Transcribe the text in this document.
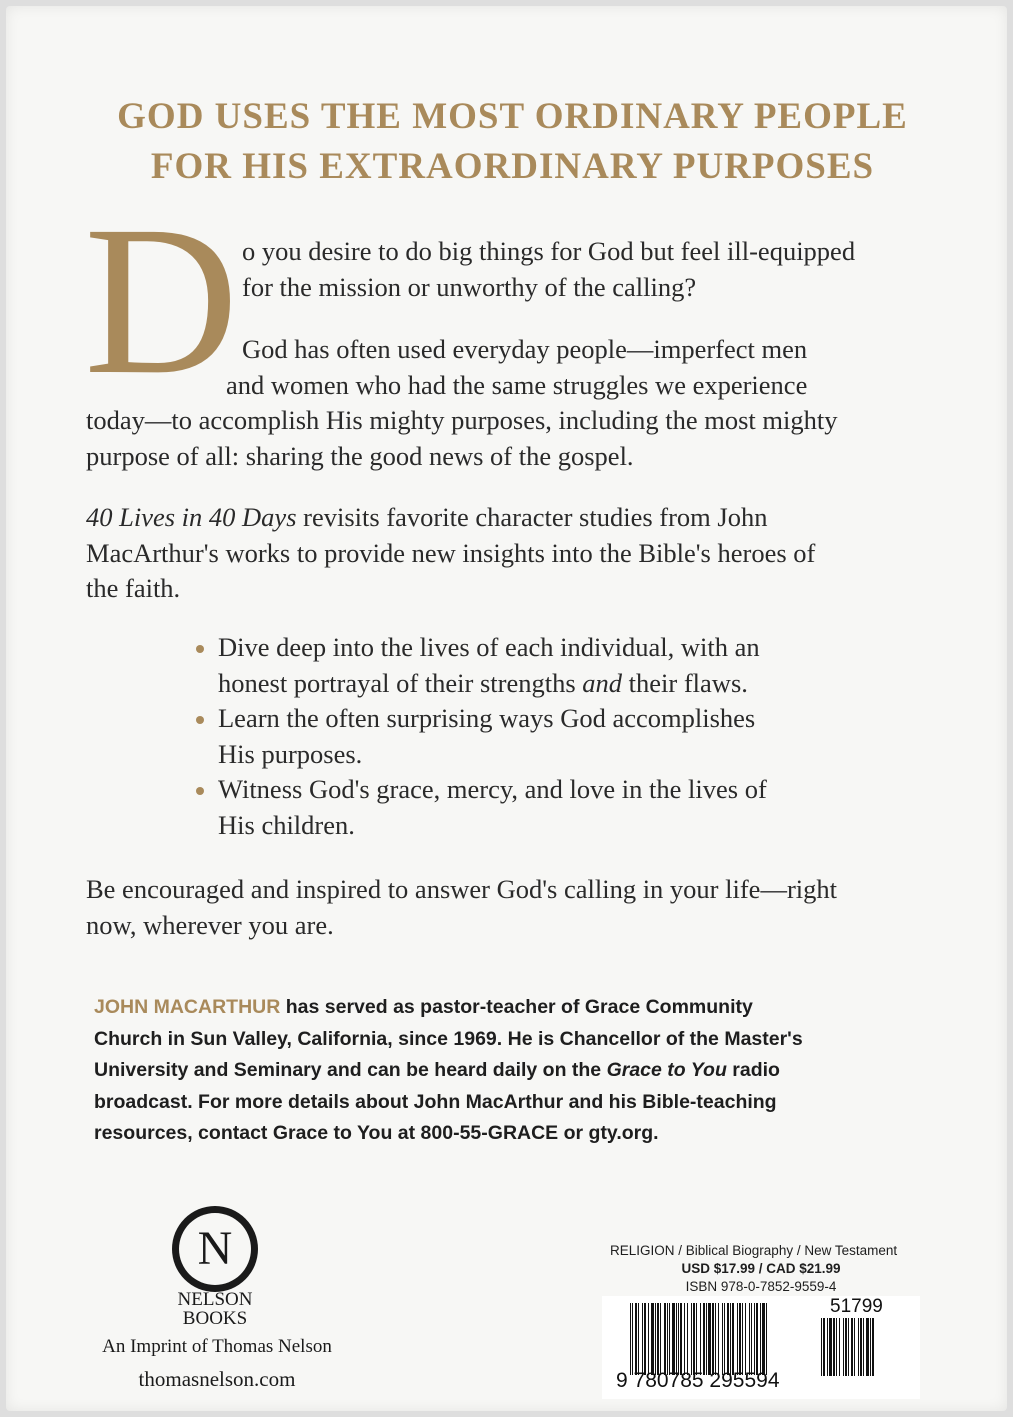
GOD USES THE MOST ORDINARY PEOPLE
FOR HIS EXTRAORDINARY PURPOSES
D o you desire to do big things for God but feel ill-equipped
for the mission or unworthy of the calling?
God has often used everyday people—imperfect men
and women who had the same struggles we experience
today—to accomplish His mighty purposes, including the most mighty
purpose of all: sharing the good news of the gospel.
40 Lives in 40 Days revisits favorite character studies from John
MacArthur's works to provide new insights into the Bible's heroes of
the faith.
Dive deep into the lives of each individual, with an
honest portrayal of their strengths and their flaws.
Learn the often surprising ways God accomplishes
His purposes.
Witness God's grace, mercy, and love in the lives of
His children.
Be encouraged and inspired to answer God's calling in your life—right
now, wherever you are.
JOHN MACARTHUR has served as pastor-teacher of Grace Community
Church in Sun Valley, California, since 1969. He is Chancellor of the Master's
University and Seminary and can be heard daily on the Grace to You radio
broadcast. For more details about John MacArthur and his Bible-teaching
resources, contact Grace to You at 800-55-GRACE or gty.org.
N
NELSON
BOOKS
An Imprint of Thomas Nelson
thomasnelson.com
RELIGION / Biblical Biography / New Testament
USD $17.99 / CAD $21.99
ISBN 978-0-7852-9559-4
9 780785 295594
51799
